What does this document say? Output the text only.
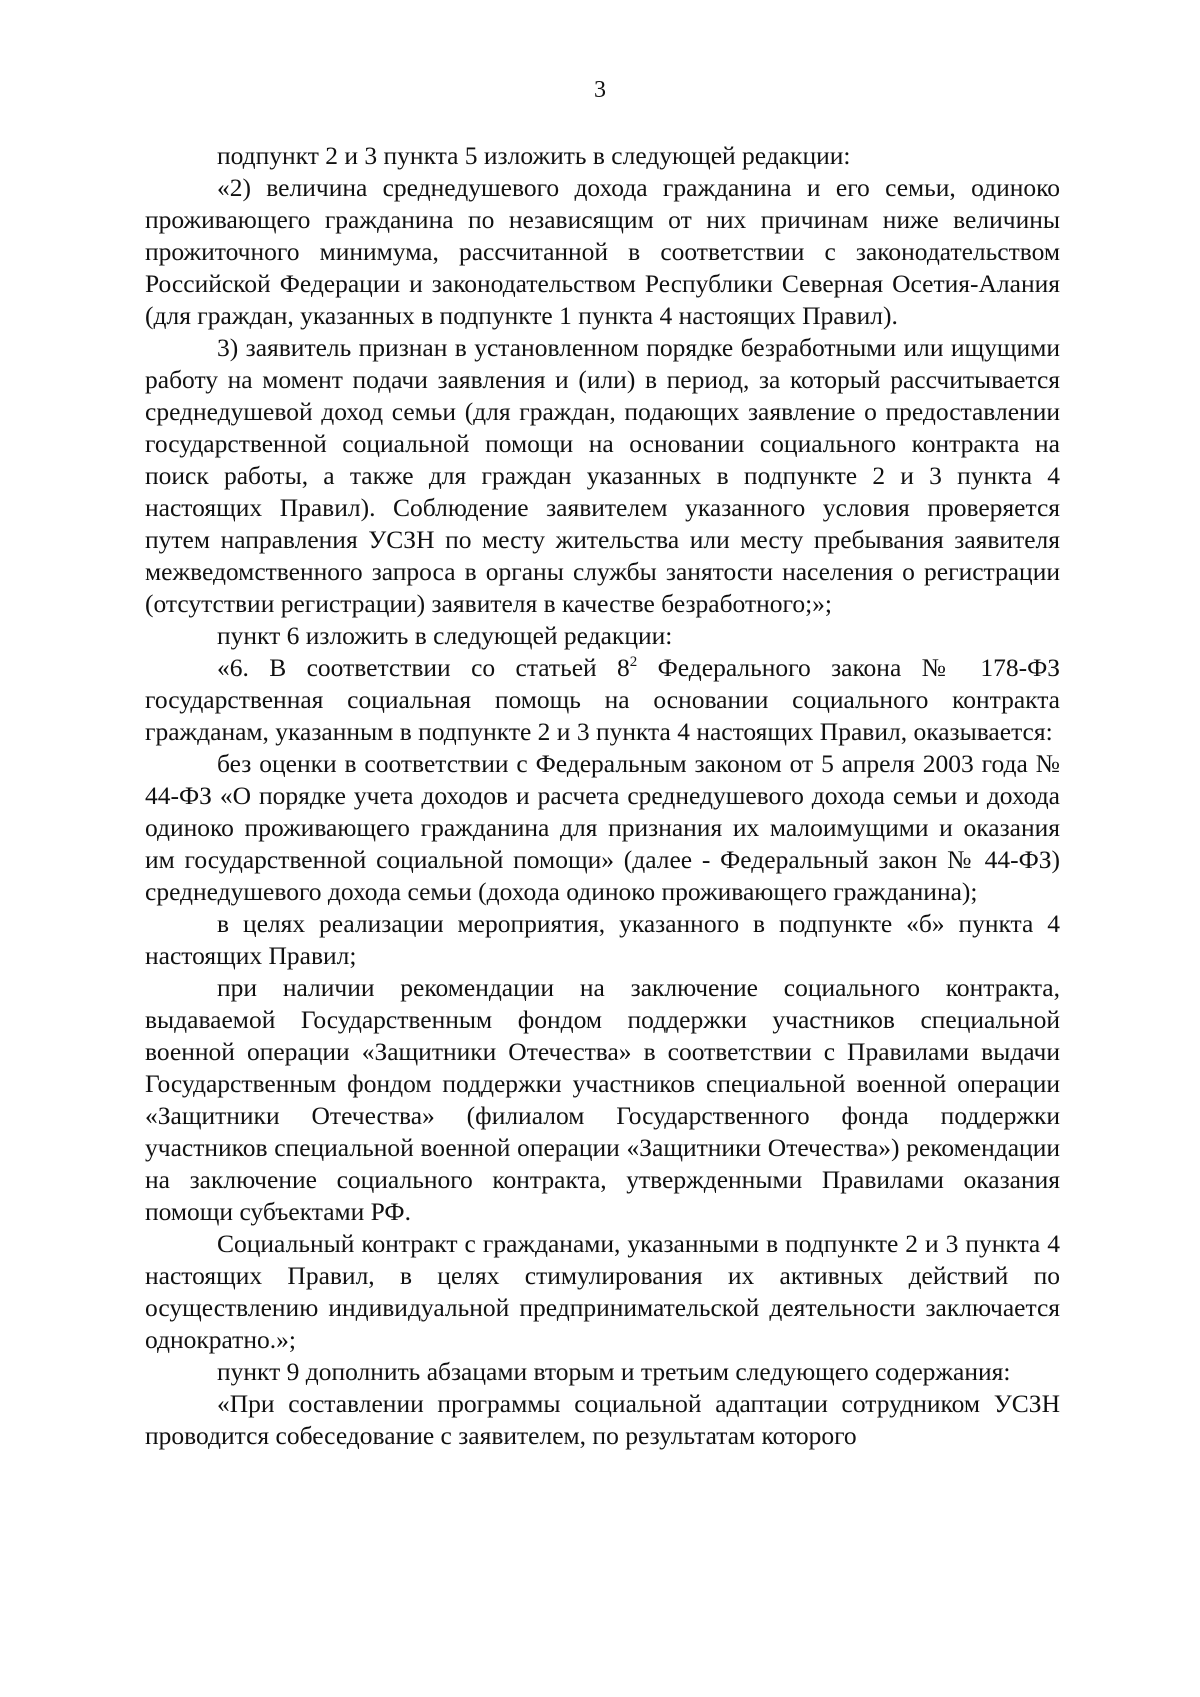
3

подпункт 2 и 3 пункта 5 изложить в следующей редакции:

«2) величина среднедушевого дохода гражданина и его семьи, одиноко проживающего гражданина по независящим от них причинам ниже величины прожиточного минимума, рассчитанной в соответствии с законодательством Российской Федерации и законодательством Республики Северная Осетия-Алания (для граждан, указанных в подпункте 1 пункта 4 настоящих Правил).

3) заявитель признан в установленном порядке безработными или ищущими работу на момент подачи заявления и (или) в период, за который рассчитывается среднедушевой доход семьи (для граждан, подающих заявление о предоставлении государственной социальной помощи на основании социального контракта на поиск работы, а также для граждан указанных в подпункте 2 и 3 пункта 4 настоящих Правил). Соблюдение заявителем указанного условия проверяется путем направления УСЗН по месту жительства или месту пребывания заявителя межведомственного запроса в органы службы занятости населения о регистрации (отсутствии регистрации) заявителя в качестве безработного;»;

пункт 6 изложить в следующей редакции:

«6. В соответствии со статьей $8^2$ Федерального закона № 178-ФЗ государственная социальная помощь на основании социального контракта гражданам, указанным в подпункте 2 и 3 пункта 4 настоящих Правил, оказывается:

без оценки в соответствии с Федеральным законом от 5 апреля 2003 года № 44-ФЗ «О порядке учета доходов и расчета среднедушевого дохода семьи и дохода одиноко проживающего гражданина для признания их малоимущими и оказания им государственной социальной помощи» (далее - Федеральный закон № 44-ФЗ) среднедушевого дохода семьи (дохода одиноко проживающего гражданина);

в целях реализации мероприятия, указанного в подпункте «б» пункта 4 настоящих Правил;

при наличии рекомендации на заключение социального контракта, выдаваемой Государственным фондом поддержки участников специальной военной операции «Защитники Отечества» в соответствии с Правилами выдачи Государственным фондом поддержки участников специальной военной операции «Защитники Отечества» (филиалом Государственного фонда поддержки участников специальной военной операции «Защитники Отечества») рекомендации на заключение социального контракта, утвержденными Правилами оказания помощи субъектами РФ.

Социальный контракт с гражданами, указанными в подпункте 2 и 3 пункта 4 настоящих Правил, в целях стимулирования их активных действий по осуществлению индивидуальной предпринимательской деятельности заключается однократно.»;

пункт 9 дополнить абзацами вторым и третьим следующего содержания:

«При составлении программы социальной адаптации сотрудником УСЗН проводится собеседование с заявителем, по результатам которого
